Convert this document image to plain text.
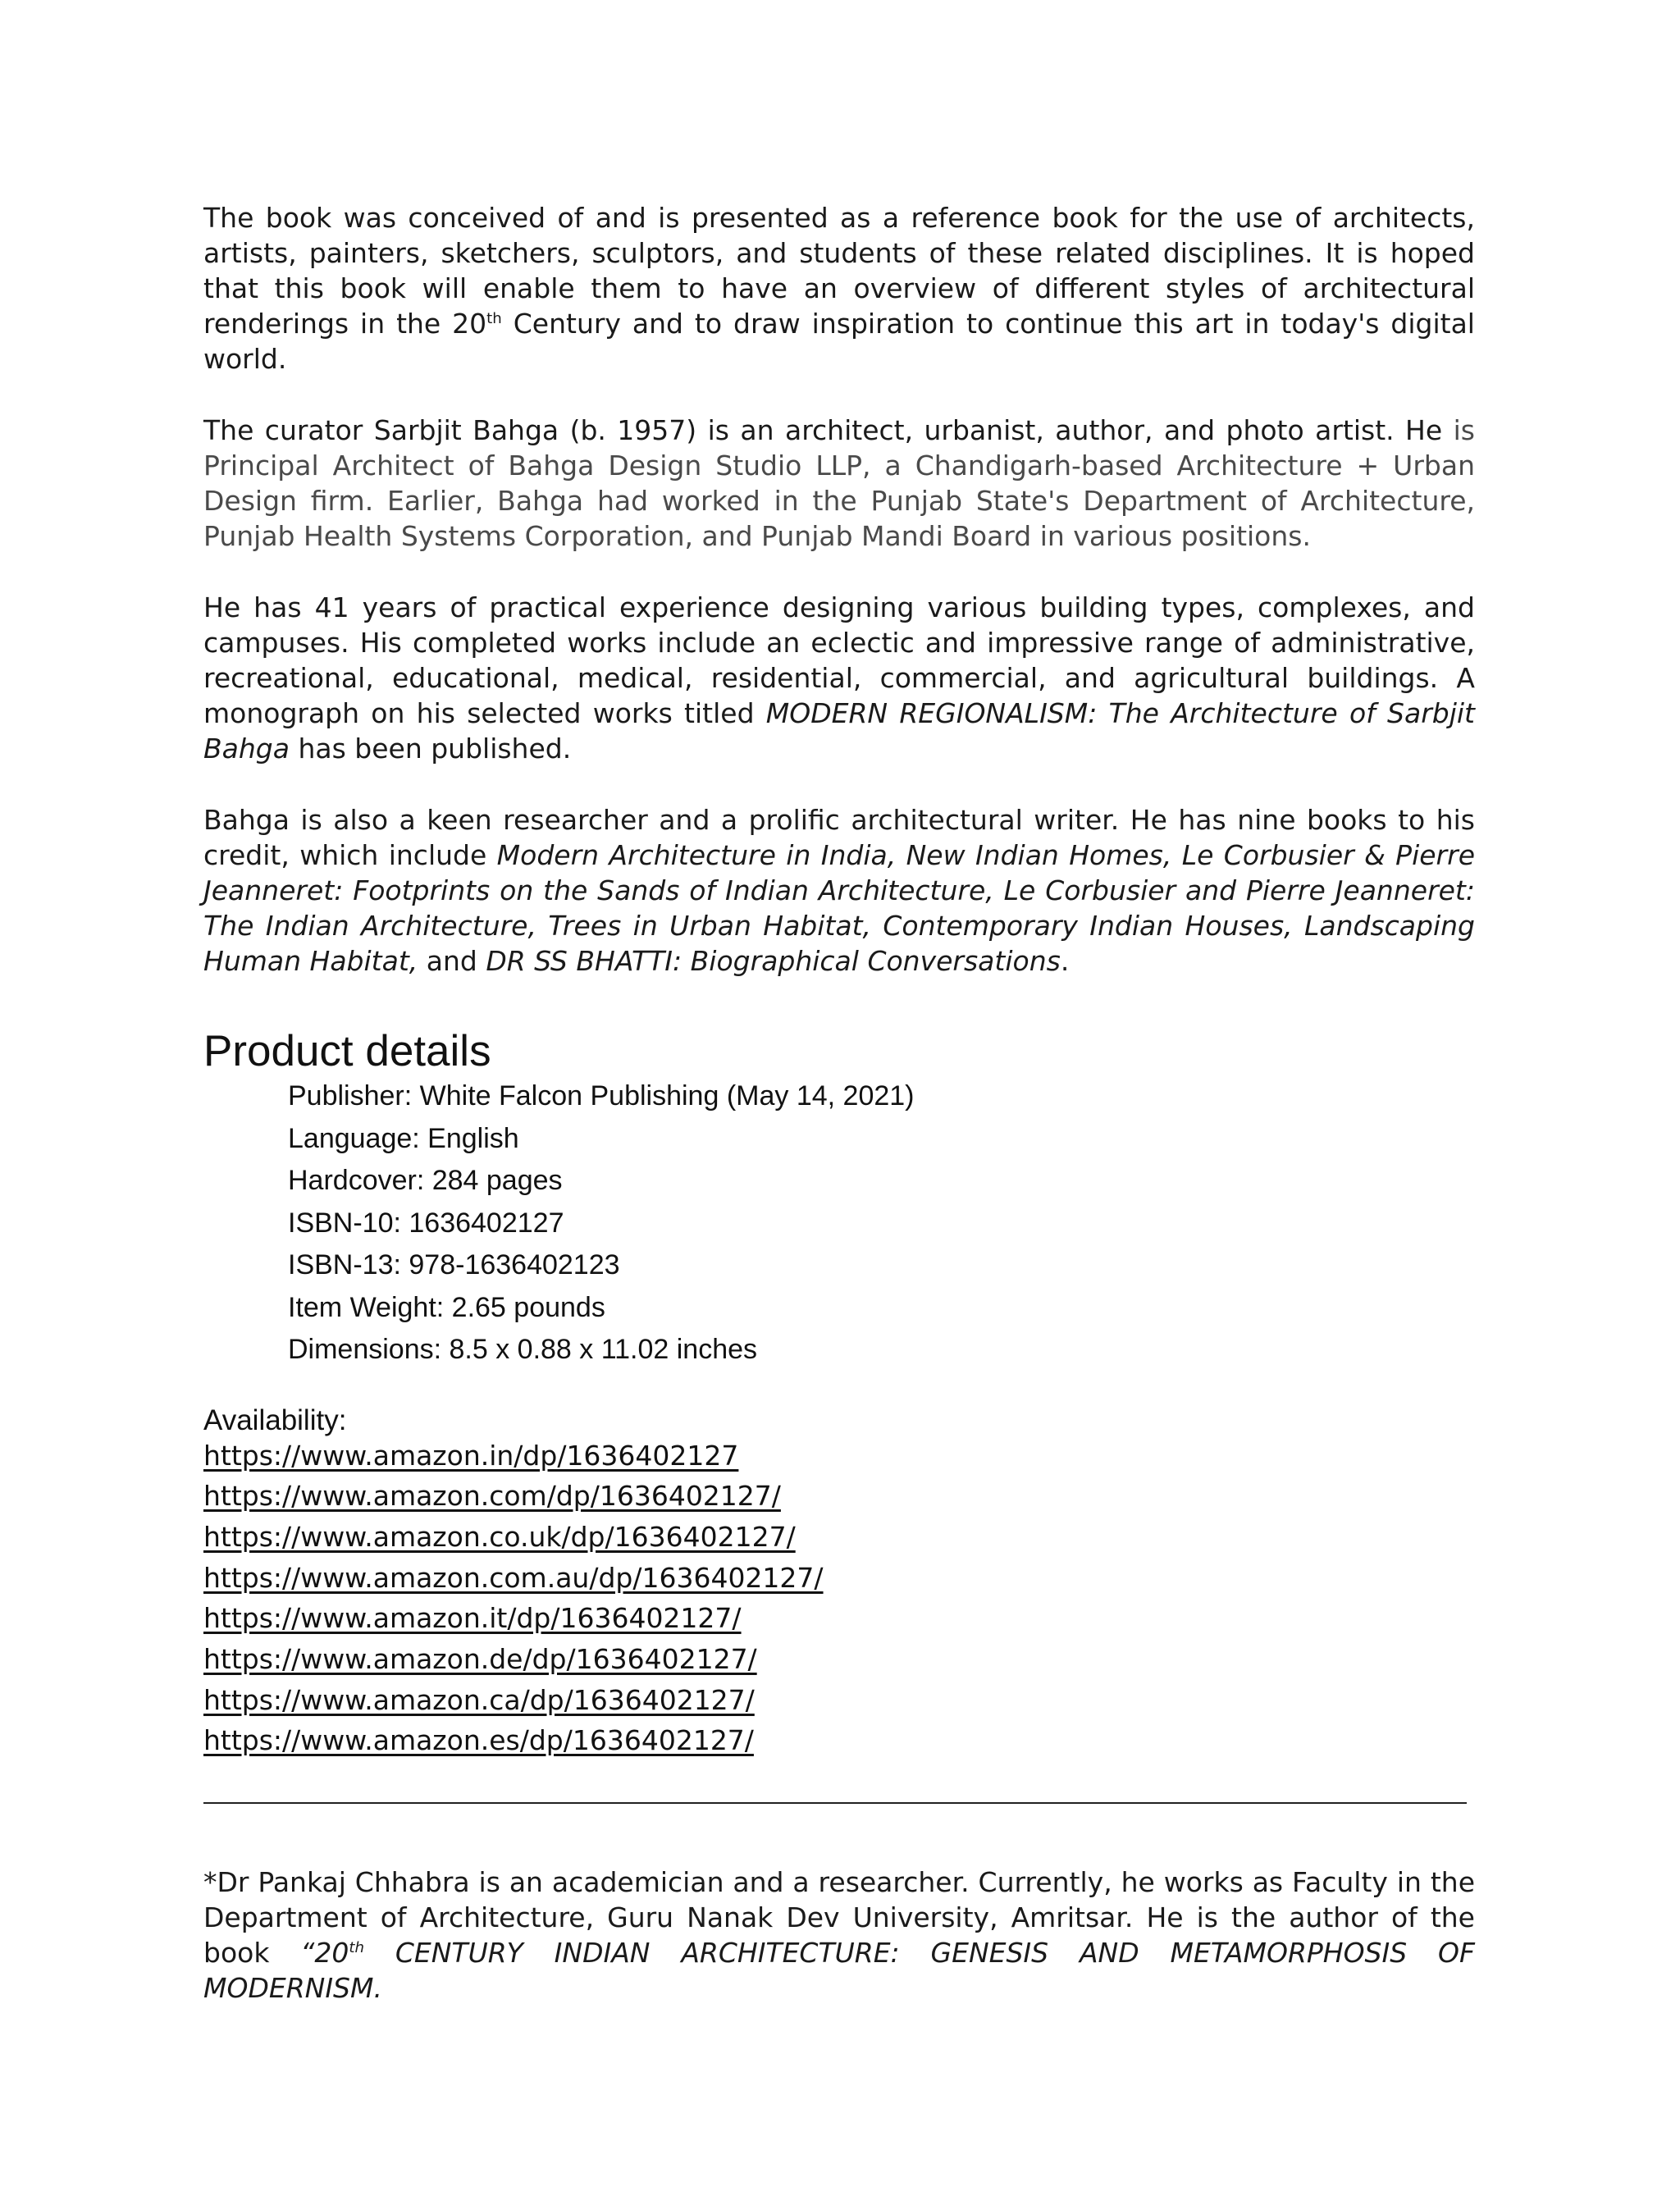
The book was conceived of and is presented as a reference book for the use of architects, artists, painters, sketchers, sculptors, and students of these related disciplines. It is hoped that this book will enable them to have an overview of different styles of architectural renderings in the 20th Century and to draw inspiration to continue this art in today's digital world.

The curator Sarbjit Bahga (b. 1957) is an architect, urbanist, author, and photo artist. He is Principal Architect of Bahga Design Studio LLP, a Chandigarh-based Architecture + Urban Design firm. Earlier, Bahga had worked in the Punjab State's Department of Architecture, Punjab Health Systems Corporation, and Punjab Mandi Board in various positions.

He has 41 years of practical experience designing various building types, complexes, and campuses. His completed works include an eclectic and impressive range of administrative, recreational, educational, medical, residential, commercial, and agricultural buildings. A monograph on his selected works titled MODERN REGIONALISM: The Architecture of Sarbjit Bahga has been published.

Bahga is also a keen researcher and a prolific architectural writer. He has nine books to his credit, which include Modern Architecture in India, New Indian Homes, Le Corbusier & Pierre Jeanneret: Footprints on the Sands of Indian Architecture, Le Corbusier and Pierre Jeanneret: The Indian Architecture, Trees in Urban Habitat, Contemporary Indian Houses, Landscaping Human Habitat, and DR SS BHATTI: Biographical Conversations.

Product details
Publisher: White Falcon Publishing (May 14, 2021)
Language: English
Hardcover: 284 pages
ISBN-10: 1636402127
ISBN-13: 978-1636402123
Item Weight: 2.65 pounds
Dimensions: 8.5 x 0.88 x 11.02 inches
Availability:
https://www.amazon.in/dp/1636402127
https://www.amazon.com/dp/1636402127/
https://www.amazon.co.uk/dp/1636402127/
https://www.amazon.com.au/dp/1636402127/
https://www.amazon.it/dp/1636402127/
https://www.amazon.de/dp/1636402127/
https://www.amazon.ca/dp/1636402127/
https://www.amazon.es/dp/1636402127/

*Dr Pankaj Chhabra is an academician and a researcher. Currently, he works as Faculty in the Department of Architecture, Guru Nanak Dev University, Amritsar. He is the author of the book “20th CENTURY INDIAN ARCHITECTURE: GENESIS AND METAMORPHOSIS OF MODERNISM.
